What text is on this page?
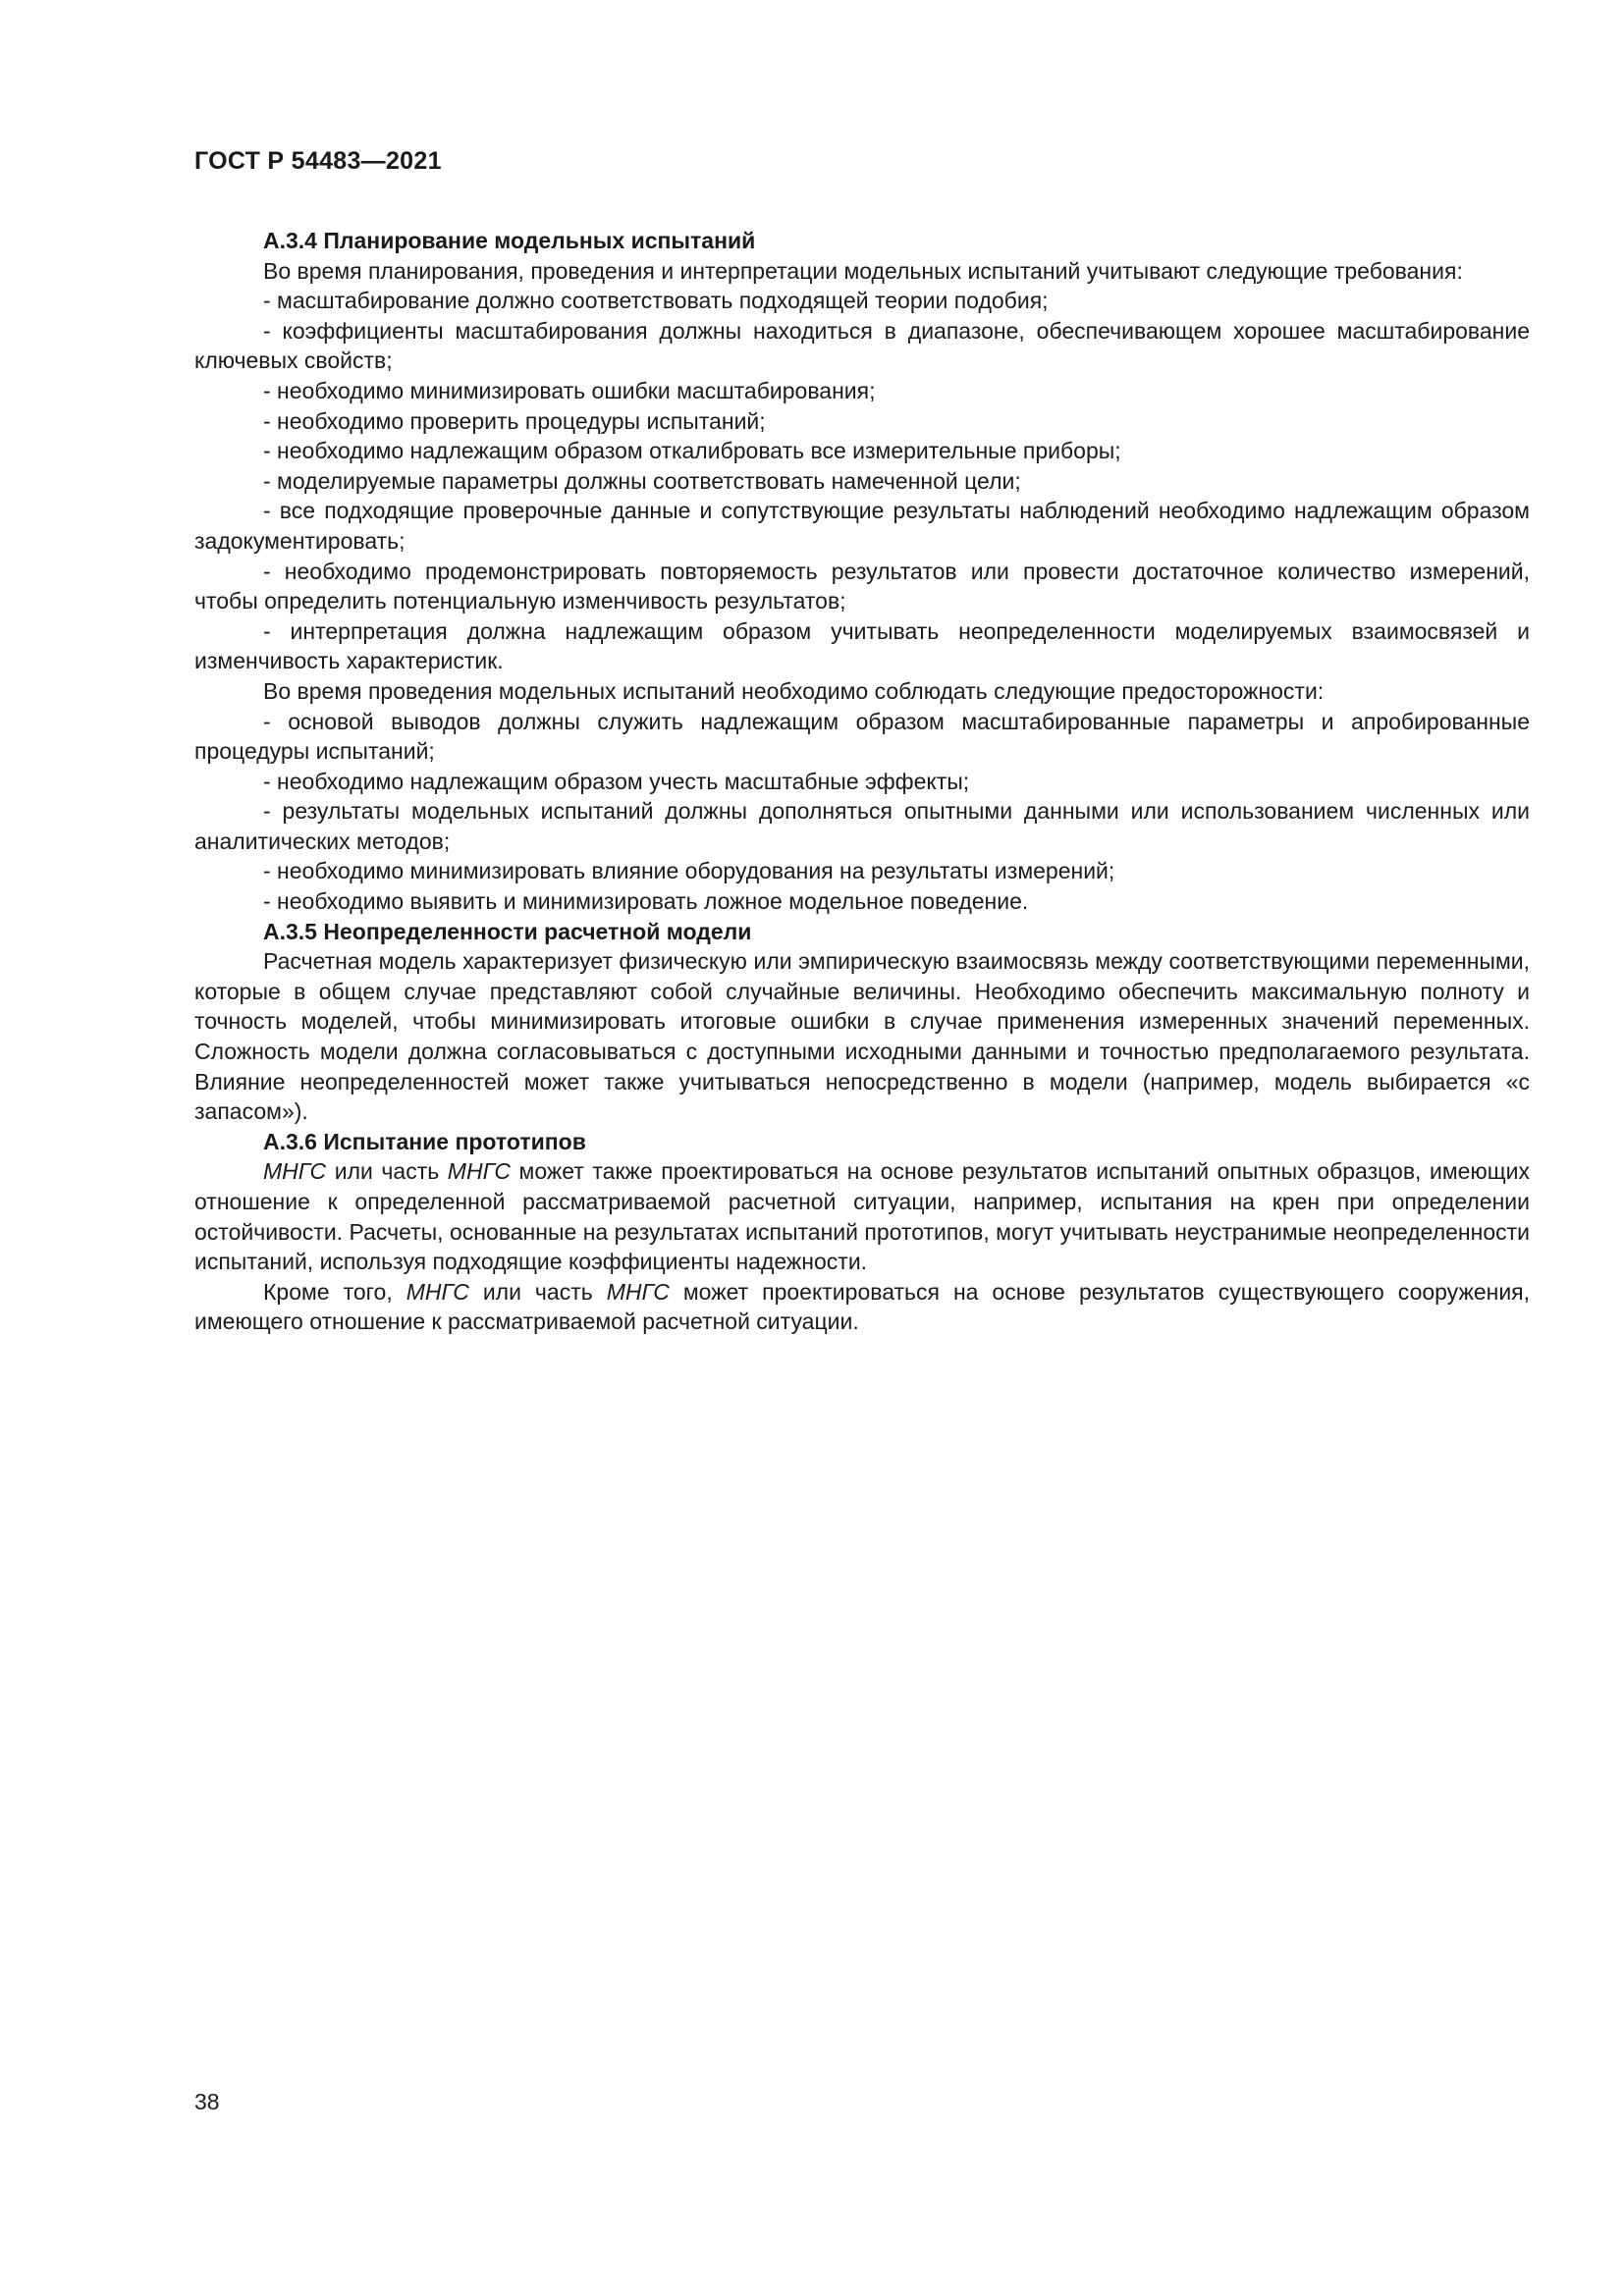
ГОСТ Р 54483—2021
А.3.4 Планирование модельных испытаний

Во время планирования, проведения и интерпретации модельных испытаний учитывают следующие требования:

- масштабирование должно соответствовать подходящей теории подобия;

- коэффициенты масштабирования должны находиться в диапазоне, обеспечивающем хорошее масштабирование ключевых свойств;

- необходимо минимизировать ошибки масштабирования;

- необходимо проверить процедуры испытаний;

- необходимо надлежащим образом откалибровать все измерительные приборы;

- моделируемые параметры должны соответствовать намеченной цели;

- все подходящие проверочные данные и сопутствующие результаты наблюдений необходимо надлежащим образом задокументировать;

- необходимо продемонстрировать повторяемость результатов или провести достаточное количество измерений, чтобы определить потенциальную изменчивость результатов;

- интерпретация должна надлежащим образом учитывать неопределенности моделируемых взаимосвязей и изменчивость характеристик.

Во время проведения модельных испытаний необходимо соблюдать следующие предосторожности:

- основой выводов должны служить надлежащим образом масштабированные параметры и апробированные процедуры испытаний;

- необходимо надлежащим образом учесть масштабные эффекты;

- результаты модельных испытаний должны дополняться опытными данными или использованием численных или аналитических методов;

- необходимо минимизировать влияние оборудования на результаты измерений;

- необходимо выявить и минимизировать ложное модельное поведение.

А.3.5 Неопределенности расчетной модели

Расчетная модель характеризует физическую или эмпирическую взаимосвязь между соответствующими переменными, которые в общем случае представляют собой случайные величины. Необходимо обеспечить максимальную полноту и точность моделей, чтобы минимизировать итоговые ошибки в случае применения измеренных значений переменных. Сложность модели должна согласовываться с доступными исходными данными и точностью предполагаемого результата. Влияние неопределенностей может также учитываться непосредственно в модели (например, модель выбирается «с запасом»).

А.3.6 Испытание прототипов

МНГС или часть МНГС может также проектироваться на основе результатов испытаний опытных образцов, имеющих отношение к определенной рассматриваемой расчетной ситуации, например, испытания на крен при определении остойчивости. Расчеты, основанные на результатах испытаний прототипов, могут учитывать неустранимые неопределенности испытаний, используя подходящие коэффициенты надежности.

Кроме того, МНГС или часть МНГС может проектироваться на основе результатов существующего сооружения, имеющего отношение к рассматриваемой расчетной ситуации.

38
